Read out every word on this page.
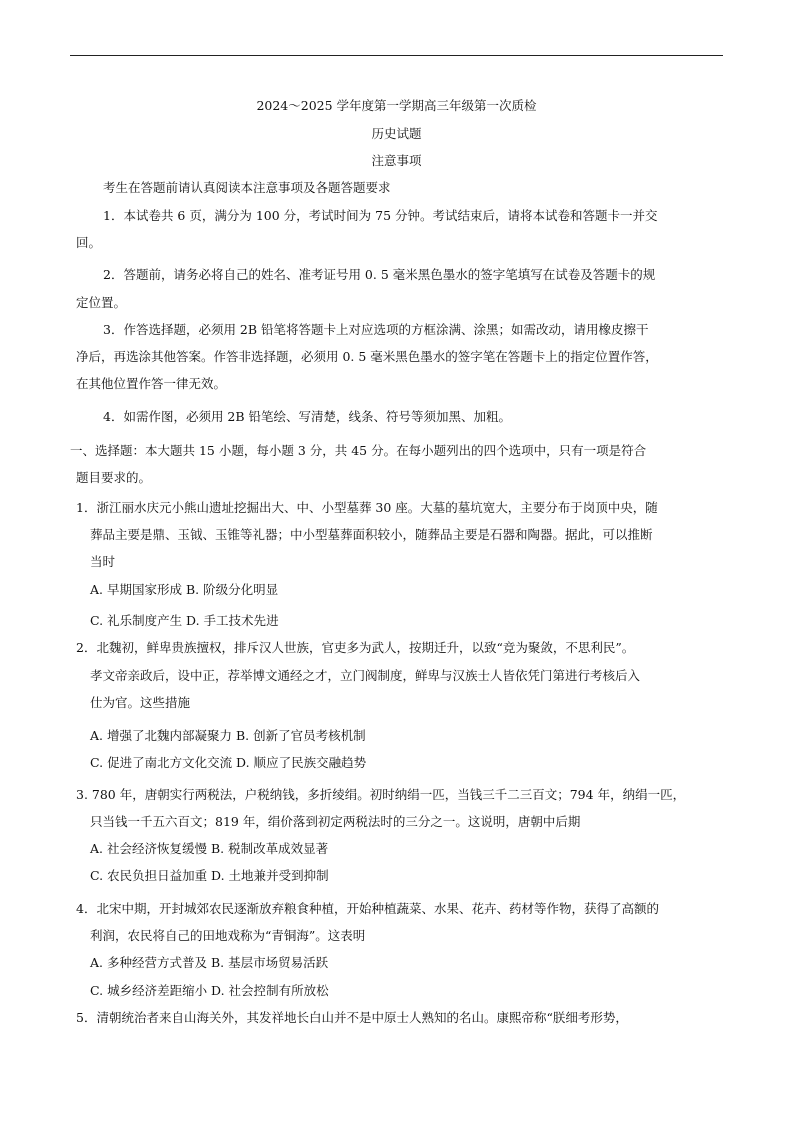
2024～2025 学年度第一学期高三年级第一次质检
历史试题
注意事项
考生在答题前请认真阅读本注意事项及各题答题要求
1．本试卷共 6 页，满分为 100 分，考试时间为 75 分钟。考试结束后，请将本试卷和答题卡一并交
回。
2．答题前，请务必将自己的姓名、准考证号用 0. 5 毫米黑色墨水的签字笔填写在试卷及答题卡的规
定位置。
3．作答选择题，必须用 2B 铅笔将答题卡上对应选项的方框涂满、涂黑；如需改动，请用橡皮擦干
净后，再选涂其他答案。作答非选择题，必须用 0. 5 毫米黑色墨水的签字笔在答题卡上的指定位置作答，
在其他位置作答一律无效。
4．如需作图，必须用 2B 铅笔绘、写清楚，线条、符号等须加黑、加粗。
一、选择题：本大题共 15 小题，每小题 3 分，共 45 分。在每小题列出的四个选项中，只有一项是符合
题目要求的。
1．浙江丽水庆元小熊山遗址挖掘出大、中、小型墓葬 30 座。大墓的墓坑宽大，主要分布于岗顶中央，随
葬品主要是鼎、玉钺、玉锥等礼器；中小型墓葬面积较小，随葬品主要是石器和陶器。据此，可以推断
当时
A. 早期国家形成 B. 阶级分化明显
C. 礼乐制度产生 D. 手工技术先进
2．北魏初，鲜卑贵族擅权，排斥汉人世族，官吏多为武人，按期迁升，以致“竞为聚敛，不思利民”。
孝文帝亲政后，设中正，荐举博文通经之才，立门阀制度，鲜卑与汉族士人皆依凭门第进行考核后入
仕为官。这些措施
A. 增强了北魏内部凝聚力 B. 创新了官员考核机制
C. 促进了南北方文化交流 D. 顺应了民族交融趋势
3. 780 年，唐朝实行两税法，户税纳钱，多折绫绢。初时纳绢一匹，当钱三千二三百文；794 年，纳绢一匹，
只当钱一千五六百文；819 年，绢价落到初定两税法时的三分之一。这说明，唐朝中后期
A. 社会经济恢复缓慢 B. 税制改革成效显著
C. 农民负担日益加重 D. 土地兼并受到抑制
4．北宋中期，开封城郊农民逐渐放弃粮食种植，开始种植蔬菜、水果、花卉、药材等作物，获得了高额的
利润，农民将自己的田地戏称为“青铜海”。这表明
A. 多种经营方式普及 B. 基层市场贸易活跃
C. 城乡经济差距缩小 D. 社会控制有所放松
5．清朝统治者来自山海关外，其发祥地长白山并不是中原士人熟知的名山。康熙帝称“朕细考形势，
